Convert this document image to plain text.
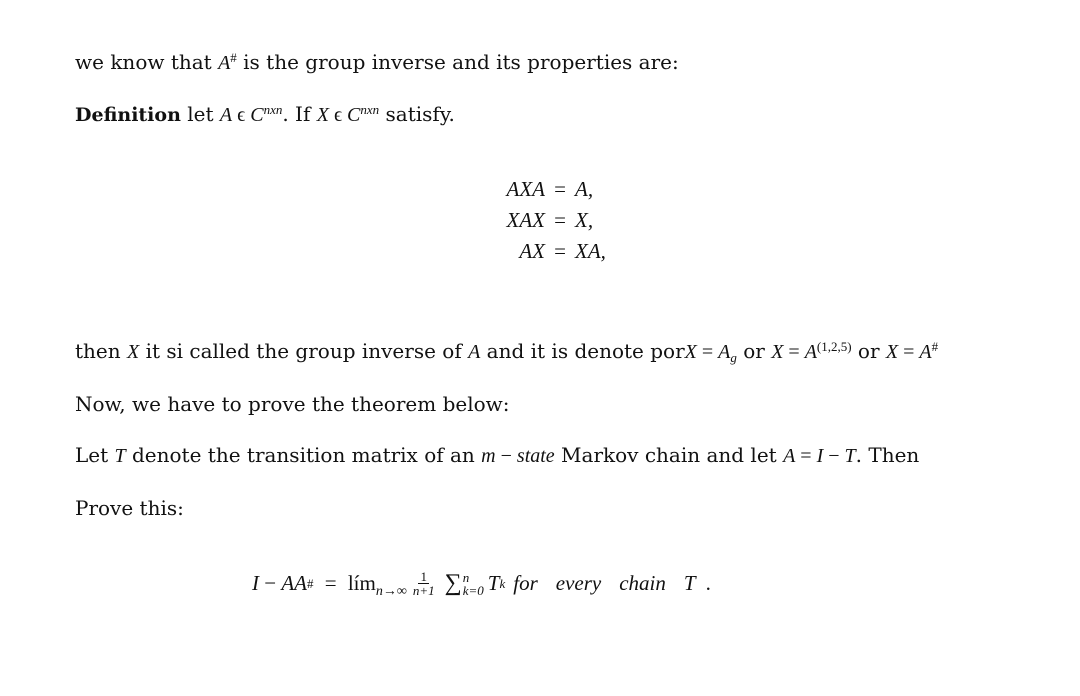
we know that A# is the group inverse and its properties are:
Definition let A ϵ $C^{nxn}$. If X ϵ $C^{nxn}$ satisfy.
AXA = A,
XAX = X,
AX = XA,
then X it si called the group inverse of A and it is denote porX = $A_g$ or X = A$^{(1,2,5)}$ or X = A#
Now, we have to prove the theorem below:
Let T denote the transition matrix of an m − state Markov chain and let A = I − T. Then
Prove this:
I − AA # = lím $n\to\infty \frac{1}{n+1}$ ∑ n
k=0 T k for every chain T .
